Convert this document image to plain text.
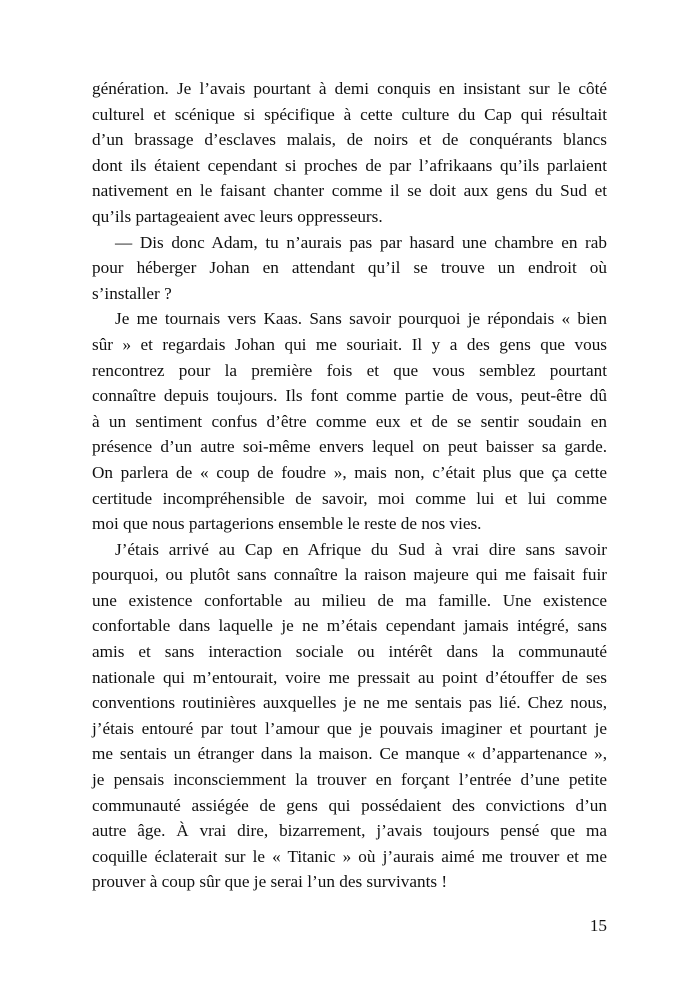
génération. Je l’avais pourtant à demi conquis en insistant sur le côté
culturel et scénique si spécifique à cette culture du Cap qui résultait
d’un brassage d’esclaves malais, de noirs et de conquérants blancs
dont ils étaient cependant si proches de par l’afrikaans qu’ils parlaient
nativement en le faisant chanter comme il se doit aux gens du Sud et
qu’ils partageaient avec leurs oppresseurs.
— Dis donc Adam, tu n’aurais pas par hasard une chambre en rab
pour héberger Johan en attendant qu’il se trouve un endroit où
s’installer ?
Je me tournais vers Kaas. Sans savoir pourquoi je répondais « bien
sûr » et regardais Johan qui me souriait. Il y a des gens que vous
rencontrez pour la première fois et que vous semblez pourtant
connaître depuis toujours. Ils font comme partie de vous, peut-être dû
à un sentiment confus d’être comme eux et de se sentir soudain en
présence d’un autre soi-même envers lequel on peut baisser sa garde.
On parlera de « coup de foudre », mais non, c’était plus que ça cette
certitude incompréhensible de savoir, moi comme lui et lui comme
moi que nous partagerions ensemble le reste de nos vies.
J’étais arrivé au Cap en Afrique du Sud à vrai dire sans savoir
pourquoi, ou plutôt sans connaître la raison majeure qui me faisait fuir
une existence confortable au milieu de ma famille. Une existence
confortable dans laquelle je ne m’étais cependant jamais intégré, sans
amis et sans interaction sociale ou intérêt dans la communauté
nationale qui m’entourait, voire me pressait au point d’étouffer de ses
conventions routinières auxquelles je ne me sentais pas lié. Chez nous,
j’étais entouré par tout l’amour que je pouvais imaginer et pourtant je
me sentais un étranger dans la maison. Ce manque « d’appartenance »,
je pensais inconsciemment la trouver en forçant l’entrée d’une petite
communauté assiégée de gens qui possédaient des convictions d’un
autre âge. À vrai dire, bizarrement, j’avais toujours pensé que ma
coquille éclaterait sur le « Titanic » où j’aurais aimé me trouver et me
prouver à coup sûr que je serai l’un des survivants !
15
